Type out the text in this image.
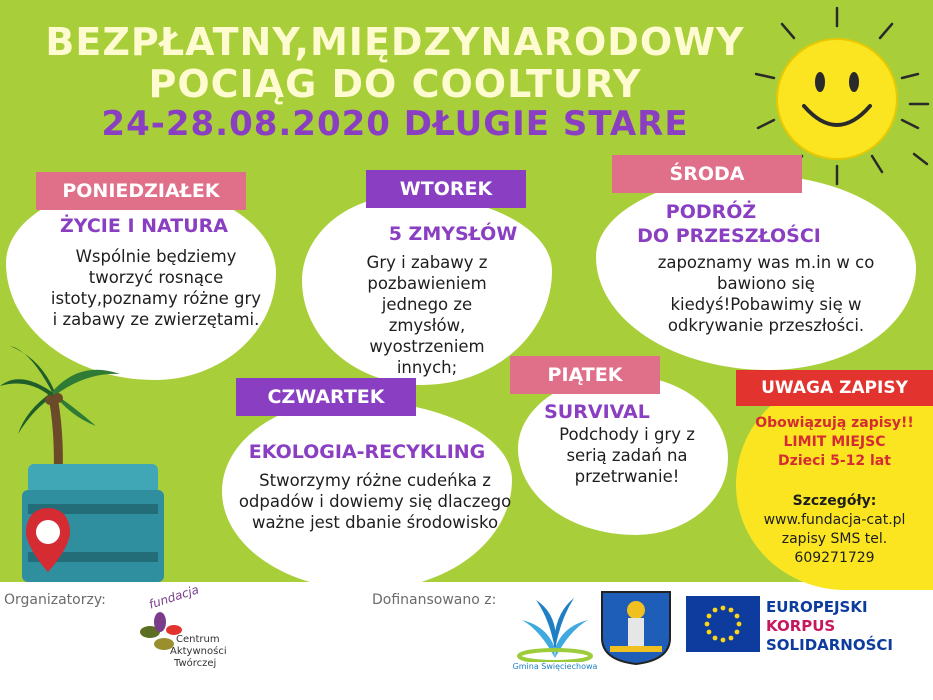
BEZPŁATNY,MIĘDZYNARODOWY
POCIĄG DO COOLTURY
24-28.08.2020 DŁUGIE STARE
PONIEDZIAŁEK
ŻYCIE I NATURA
Wspólnie będziemy tworzyć rosnące istoty,poznamy różne gry i zabawy ze zwierzętami.
WTOREK
5 ZMYSŁÓW
Gry i zabawy z pozbawieniem jednego ze zmysłów, wyostrzeniem innych;
ŚRODA
PODRÓŻ
DO PRZESZŁOŚCI
zapoznamy was m.in w co bawiono się kiedyś!Pobawimy się w odkrywanie przeszłości.
CZWARTEK
EKOLOGIA-RECYKLING
Stworzymy różne cudeńka z odpadów i dowiemy się dlaczego ważne jest dbanie środowisko
PIĄTEK
SURVIVAL
Podchody i gry z serią zadań na przetrwanie!
UWAGA ZAPISY
Obowiązują zapisy!!
LIMIT MIEJSC
Dzieci 5-12 lat
Szczegóły:
www.fundacja-cat.pl
zapisy SMS tel.
609271729
Organizatorzy:	Dofinansowano z:
fundacja
Centrum
Aktywności
Twórczej	Gmina Święciechowa
EUROPEJSKI
KORPUS
SOLIDARNOŚCI
